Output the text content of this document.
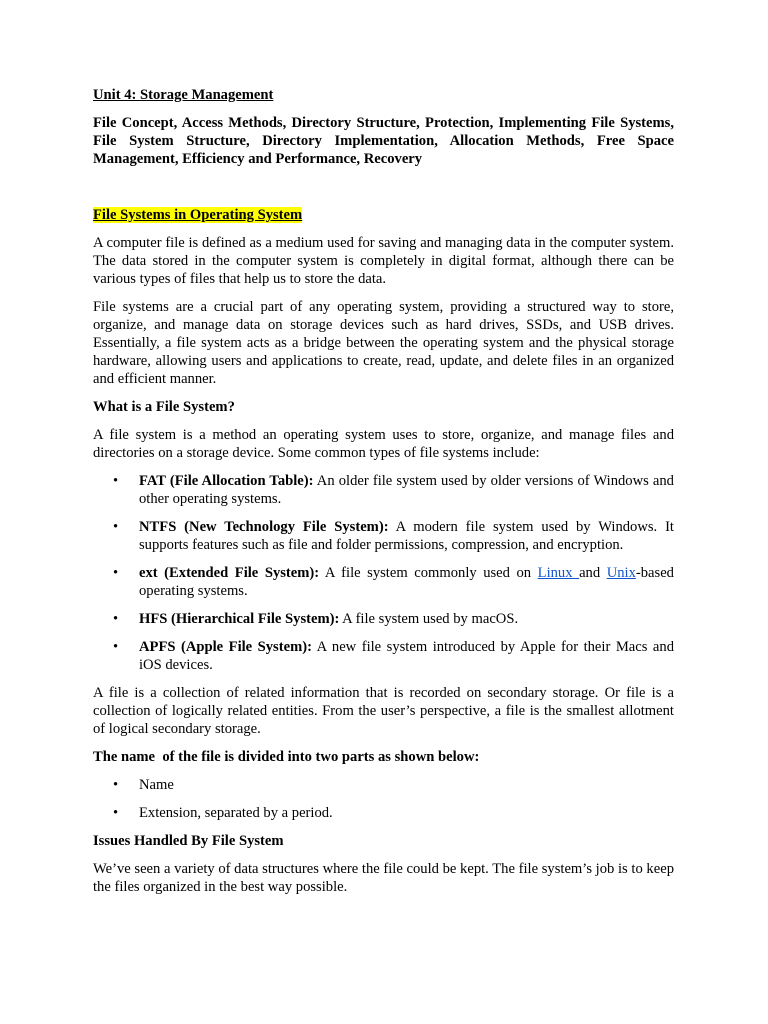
Unit 4: Storage Management

File Concept, Access Methods, Directory Structure, Protection, Implementing File Systems, File System Structure, Directory Implementation, Allocation Methods, Free Space Management, Efficiency and Performance, Recovery

File Systems in Operating System

A computer file is defined as a medium used for saving and managing data in the computer system. The data stored in the computer system is completely in digital format, although there can be various types of files that help us to store the data.

File systems are a crucial part of any operating system, providing a structured way to store, organize, and manage data on storage devices such as hard drives, SSDs, and USB drives. Essentially, a file system acts as a bridge between the operating system and the physical storage hardware, allowing users and applications to create, read, update, and delete files in an organized and efficient manner.

What is a File System?

A file system is a method an operating system uses to store, organize, and manage files and directories on a storage device. Some common types of file systems include:

• FAT (File Allocation Table): An older file system used by older versions of Windows and other operating systems.
• NTFS (New Technology File System): A modern file system used by Windows. It supports features such as file and folder permissions, compression, and encryption.
• ext (Extended File System): A file system commonly used on Linux and Unix-based operating systems.
• HFS (Hierarchical File System): A file system used by macOS.
• APFS (Apple File System): A new file system introduced by Apple for their Macs and iOS devices.

A file is a collection of related information that is recorded on secondary storage. Or file is a collection of logically related entities. From the user’s perspective, a file is the smallest allotment of logical secondary storage.

The name  of the file is divided into two parts as shown below:

• Name
• Extension, separated by a period.

Issues Handled By File System

We’ve seen a variety of data structures where the file could be kept. The file system’s job is to keep the files organized in the best way possible.
